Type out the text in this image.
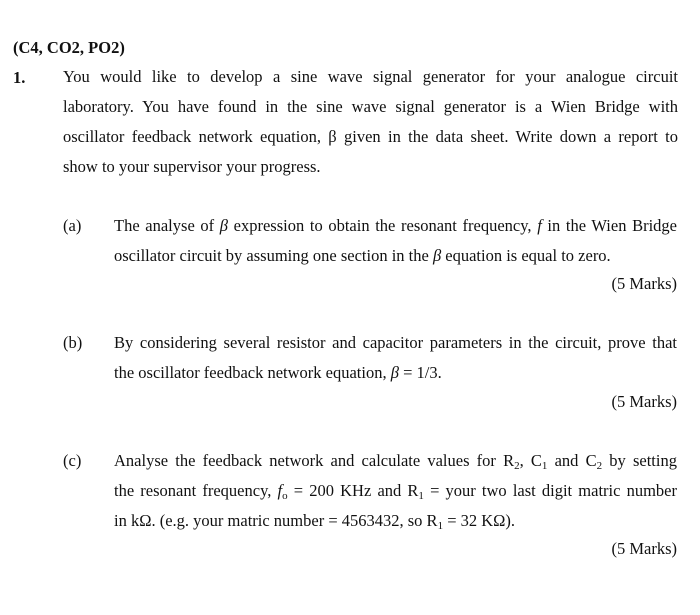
(C4, CO2, PO2)
1. You would like to develop a sine wave signal generator for your analogue circuit
laboratory. You have found in the sine wave signal generator is a Wien Bridge with
oscillator feedback network equation, β given in the data sheet. Write down a report to
show to your supervisor your progress.
(a) The analyse of β expression to obtain the resonant frequency, f in the Wien Bridge
oscillator circuit by assuming one section in the β equation is equal to zero.
(5 Marks)
(b) By considering several resistor and capacitor parameters in the circuit, prove that
the oscillator feedback network equation, β = 1/3.
(5 Marks)
(c) Analyse the feedback network and calculate values for $R_2$, $C_1$ and $C_2$ by setting
the resonant frequency, $f_o = 200$ KHz and $R_1$ = your two last digit matric number
in kΩ. (e.g. your matric number = 4563432, so $R_1 = 32$ KΩ).
(5 Marks)
